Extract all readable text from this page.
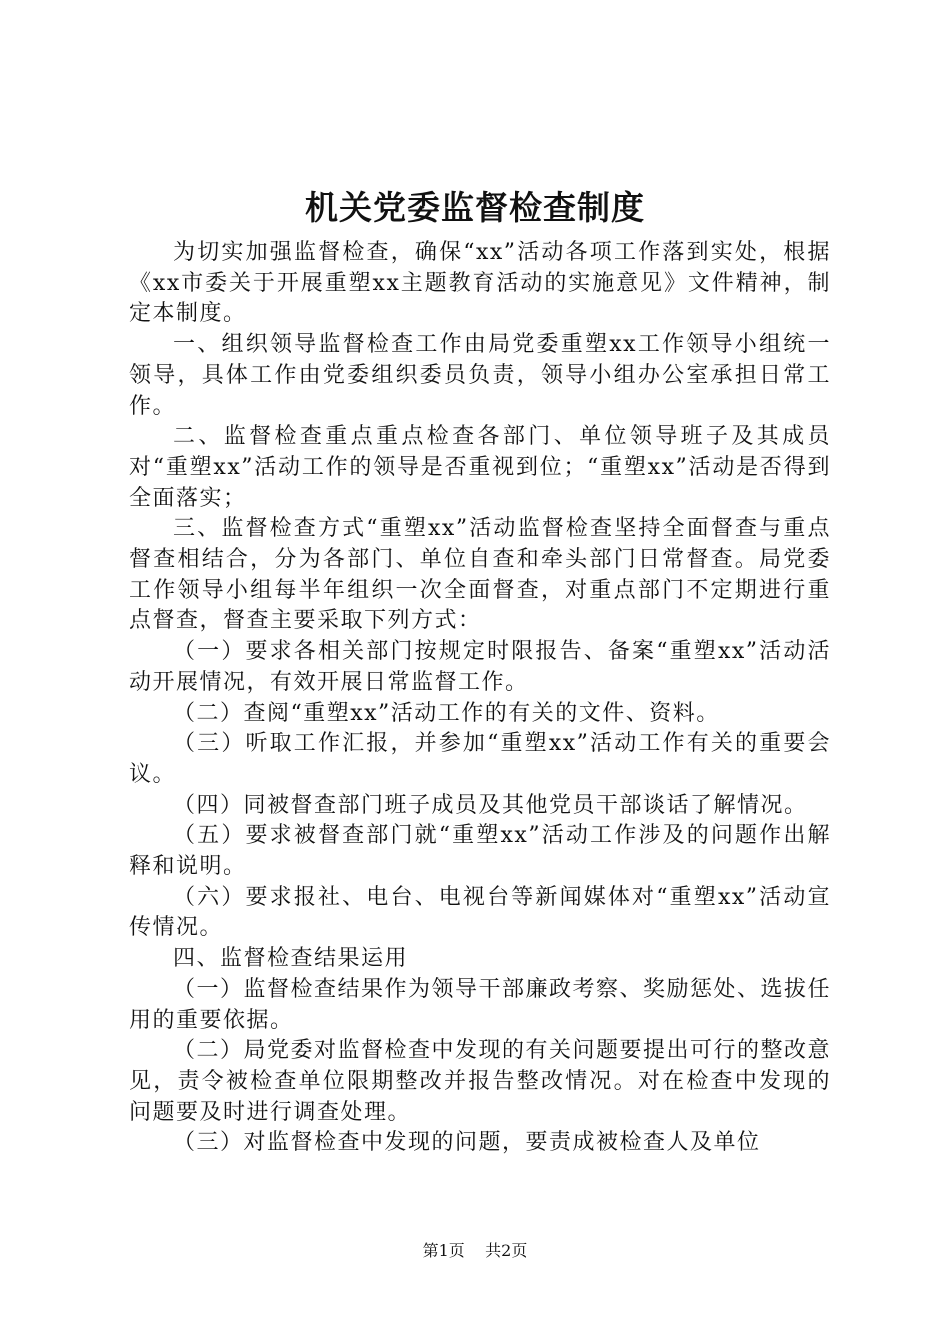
机关党委监督检查制度

为切实加强监督检查，确保“xx”活动各项工作落到实处，根据《xx市委关于开展重塑xx主题教育活动的实施意见》文件精神，制定本制度。

一、组织领导监督检查工作由局党委重塑xx工作领导小组统一领导，具体工作由党委组织委员负责，领导小组办公室承担日常工作。

二、监督检查重点重点检查各部门、单位领导班子及其成员对“重塑xx”活动工作的领导是否重视到位；“重塑xx”活动是否得到全面落实；

三、监督检查方式“重塑xx”活动监督检查坚持全面督查与重点督查相结合，分为各部门、单位自查和牵头部门日常督查。局党委工作领导小组每半年组织一次全面督查，对重点部门不定期进行重点督查，督查主要采取下列方式：

（一）要求各相关部门按规定时限报告、备案“重塑xx”活动活动开展情况，有效开展日常监督工作。

（二）查阅“重塑xx”活动工作的有关的文件、资料。

（三）听取工作汇报，并参加“重塑xx”活动工作有关的重要会议。

（四）同被督查部门班子成员及其他党员干部谈话了解情况。

（五）要求被督查部门就“重塑xx”活动工作涉及的问题作出解释和说明。

（六）要求报社、电台、电视台等新闻媒体对“重塑xx”活动宣传情况。

四、监督检查结果运用

（一）监督检查结果作为领导干部廉政考察、奖励惩处、选拔任用的重要依据。

（二）局党委对监督检查中发现的有关问题要提出可行的整改意见，责令被检查单位限期整改并报告整改情况。对在检查中发现的问题要及时进行调查处理。

（三）对监督检查中发现的问题，要责成被检查人及单位

第1页 共2页
